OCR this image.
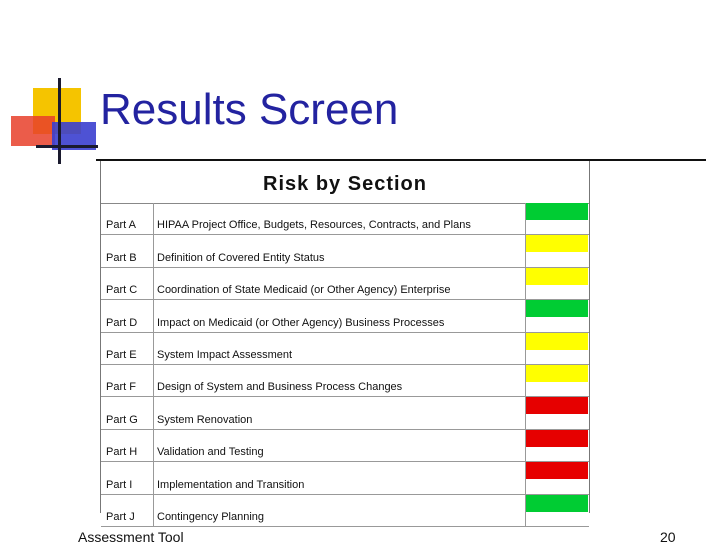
Results Screen
Risk by Section
Part A HIPAA Project Office, Budgets, Resources, Contracts, and Plans
Part B Definition of Covered Entity Status
Part C Coordination of State Medicaid (or Other Agency) Enterprise
Part D Impact on Medicaid (or Other Agency) Business Processes
Part E System Impact Assessment
Part F Design of System and Business Process Changes
Part G System Renovation
Part H Validation and Testing
Part I Implementation and Transition
Part J Contingency Planning
Assessment Tool	20
